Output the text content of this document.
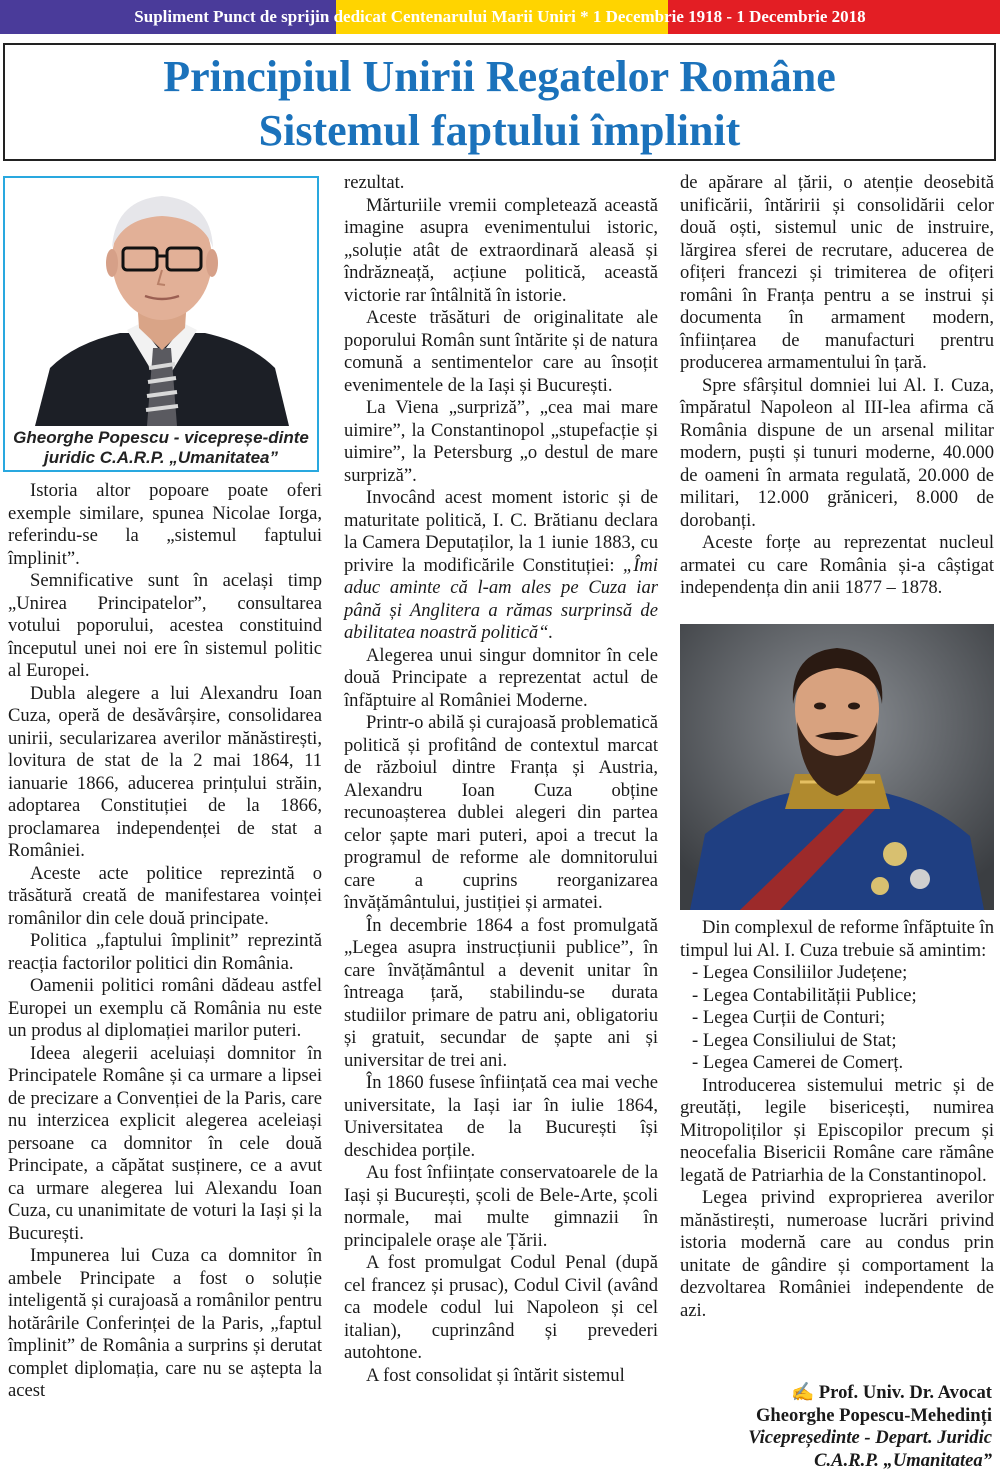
Supliment Punct de sprijin dedicat Centenarului Marii Uniri * 1 Decembrie 1918 - 1 Decembrie 2018
Principiul Unirii Regatelor Române
Sistemul faptului împlinit
Gheorghe Popescu - vicepreșe-dinte juridic C.A.R.P. „Umanitatea”

Istoria altor popoare poate oferi exemple similare, spunea Nicolae Iorga, referindu-se la „sistemul faptului împlinit”.

Semnificative sunt în același timp „Unirea Principatelor”, consultarea votului poporului, acestea constituind începutul unei noi ere în sistemul politic al Europei.

Dubla alegere a lui Alexandru Ioan Cuza, operă de desăvârșire, consolidarea unirii, secularizarea averilor mănăstirești, lovitura de stat de la 2 mai 1864, 11 ianuarie 1866, aducerea prințului străin, adoptarea Constituției de la 1866, proclamarea independenței de stat a României.

Aceste acte politice reprezintă o trăsătură creată de manifestarea voinței românilor din cele două principate.

Politica „faptului împlinit” reprezintă reacția factorilor politici din România.

Oamenii politici români dădeau astfel Europei un exemplu că România nu este un produs al diplomației marilor puteri.

Ideea alegerii aceluiași domnitor în Principatele Române și ca urmare a lipsei de precizare a Convenției de la Paris, care nu interzicea explicit alegerea aceleiași persoane ca domnitor în cele două Principate, a căpătat susținere, ce a avut ca urmare alegerea lui Alexandu Ioan Cuza, cu unanimitate de voturi la Iași și la București.

Impunerea lui Cuza ca domnitor în ambele Principate a fost o soluție inteligentă și curajoasă a românilor pentru hotărârile Conferinței de la Paris, „faptul împlinit” de România a surprins și derutat complet diplomația, care nu se aștepta la acest

rezultat.

Mărturiile vremii completează această imagine asupra evenimentului istoric, „soluție atât de extraordinară aleasă și îndrăzneață, acțiune politică, această victorie rar întâlnită în istorie.

Aceste trăsături de originalitate ale poporului Român sunt întărite și de natura comună a sentimentelor care au însoțit evenimentele de la Iași și București.

La Viena „surpriză”, „cea mai mare uimire”, la Constantinopol „stupefacție și uimire”, la Petersburg „o destul de mare surpriză”.

Invocând acest moment istoric și de maturitate politică, I. C. Brătianu declara la Camera Deputaților, la 1 iunie 1883, cu privire la modificările Constituției: „Îmi aduc aminte că l-am ales pe Cuza iar până și Anglitera a rămas surprinsă de abilitatea noastră politică“.

Alegerea unui singur domnitor în cele două Principate a reprezentat actul de înfăptuire al României Moderne.

Printr-o abilă și curajoasă problematică politică și profitând de contextul marcat de războiul dintre Franța și Austria, Alexandru Ioan Cuza obține recunoașterea dublei alegeri din partea celor șapte mari puteri, apoi a trecut la programul de reforme ale domnitorului care a cuprins reorganizarea învățământului, justiției și armatei.

În decembrie 1864 a fost promulgată „Legea asupra instrucțiunii publice”, în care învățământul a devenit unitar în întreaga țară, stabilindu-se durata studiilor primare de patru ani, obligatoriu și gratuit, secundar de șapte ani și universitar de trei ani.

În 1860 fusese înființată cea mai veche universitate, la Iași iar în iulie 1864, Universitatea de la București își deschidea porțile.

Au fost înființate conservatoarele de la Iași și București, școli de Bele-Arte, școli normale, mai multe gimnazii în principalele orașe ale Țării.

A fost promulgat Codul Penal (după cel francez și prusac), Codul Civil (având ca modele codul lui Napoleon și cel italian), cuprinzând și prevederi autohtone.

A fost consolidat și întărit sistemul

de apărare al țării, o atenție deosebită unificării, întăririi și consolidării celor două oști, sistemul unic de instruire, lărgirea sferei de recrutare, aducerea de ofițeri francezi și trimiterea de ofițeri români în Franța pentru a se instrui și documenta în armament modern, înființarea de manufacturi prentru producerea armamentului în țară.

Spre sfârșitul domniei lui Al. I. Cuza, împăratul Napoleon al III-lea afirma că România dispune de un arsenal militar modern, puști și tunuri moderne, 40.000 de oameni în armata regulată, 20.000 de militari, 12.000 grăniceri, 8.000 de dorobanți.

Aceste forțe au reprezentat nucleul armatei cu care România și-a câștigat independența din anii 1877 – 1878.

Din complexul de reforme înfăptuite în timpul lui Al. I. Cuza trebuie să amintim:

- Legea Consiliilor Județene;

- Legea Contabilității Publice;

- Legea Curții de Conturi;

- Legea Consiliului de Stat;

- Legea Camerei de Comerț.

Introducerea sistemului metric și de greutăți, legile bisericești, numirea Mitropoliților și Episcopilor precum și neocefalia Bisericii Române care rămâne legată de Patriarhia de la Constantinopol.

Legea privind exproprierea averilor mănăstirești, numeroase lucrări privind istoria modernă care au condus prin unitate de gândire și comportament la dezvoltarea României independente de azi.

✍ Prof. Univ. Dr. Avocat
Gheorghe Popescu-Mehedinți
Vicepreședinte - Depart. Juridic
C.A.R.P. „Umanitatea”
